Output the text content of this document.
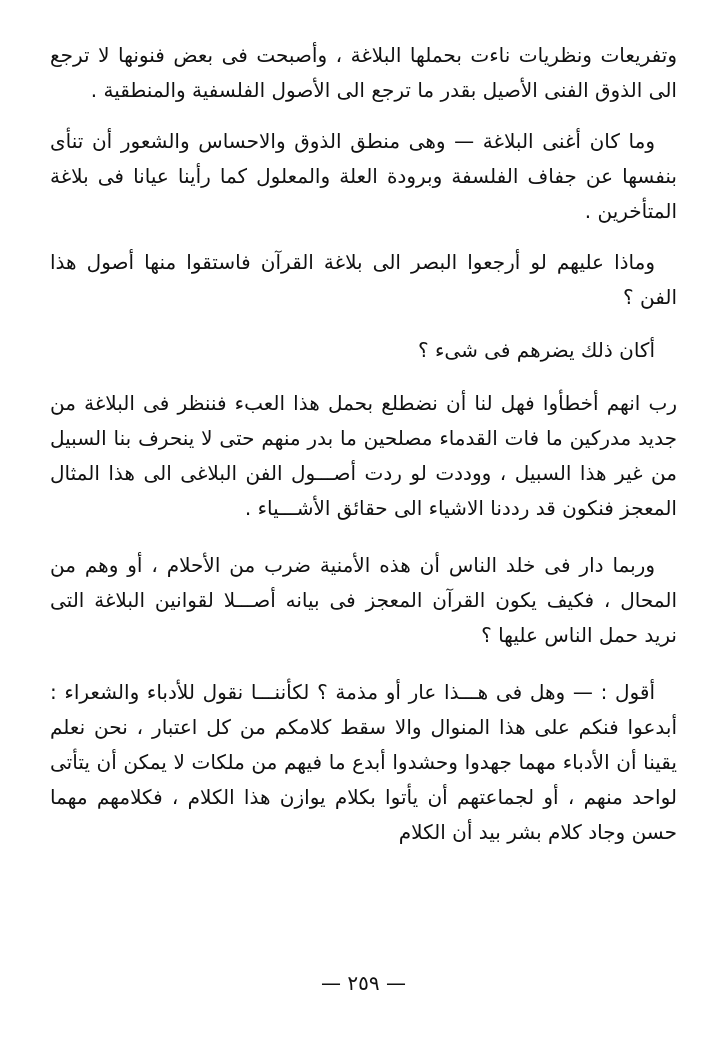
وتفريعات ونظريات ناءت بحملها البلاغة ، وأصبحت فى بعض فنونها لا ترجع الى الذوق الفنى الأصيل بقدر ما ترجع الى الأصول الفلسفية والمنطقية .

وما كان أغنى البلاغة — وهى منطق الذوق والاحساس والشعور أن تنأى بنفسها عن جفاف الفلسفة وبرودة العلة والمعلول كما رأينا عيانا فى بلاغة المتأخرين .

وماذا عليهم لو أرجعوا البصر الى بلاغة القرآن فاستقوا منها أصول هذا الفن ؟

أكان ذلك يضرهم فى شىء ؟

رب انهم أخطأوا فهل لنا أن نضطلع بحمل هذا العبء فننظر فى البلاغة من جديد مدركين ما فات القدماء مصلحين ما بدر منهم حتى لا ينحرف بنا السبيل من غير هذا السبيل ، ووددت لو ردت أصـــول الفن البلاغى الى هذا المثال المعجز فنكون قد رددنا الاشياء الى حقائق الأشـــياء .

وربما دار فى خلد الناس أن هذه الأمنية ضرب من الأحلام ، أو وهم من المحال ، فكيف يكون القرآن المعجز فى بيانه أصـــلا لقوانين البلاغة التى نريد حمل الناس عليها ؟

أقول : — وهل فى هـــذا عار أو مذمة ؟ لكأننـــا نقول للأدباء والشعراء : أبدعوا فنكم على هذا المنوال والا سقط كلامكم من كل اعتبار ، نحن نعلم يقينا أن الأدباء مهما جهدوا وحشدوا أبدع ما فيهم من ملكات لا يمكن أن يتأتى لواحد منهم ، أو لجماعتهم أن يأتوا بكلام يوازن هذا الكلام ، فكلامهم مهما حسن وجاد كلام بشر بيد أن الكلام

— ٢٥٩ —
